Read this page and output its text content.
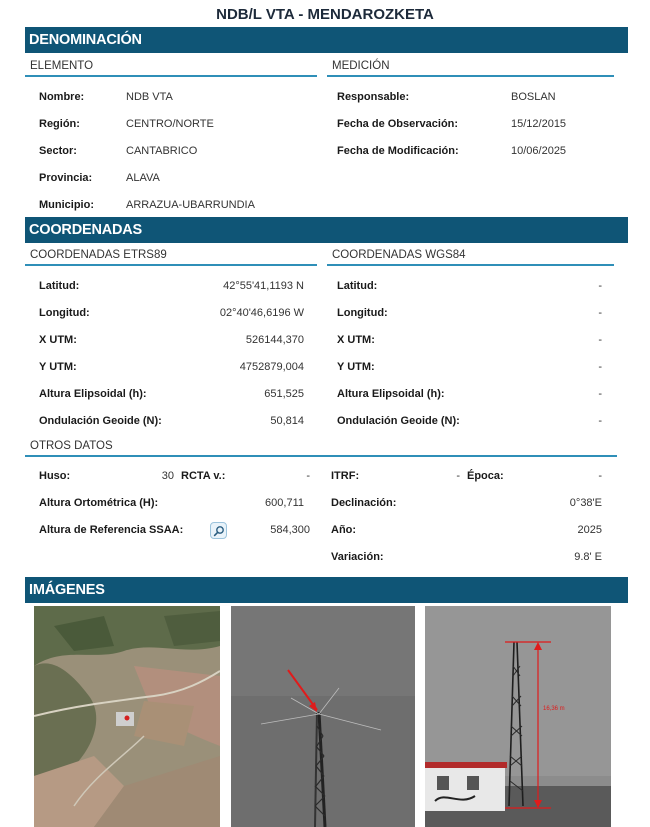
NDB/L VTA - MENDAROZKETA
DENOMINACIÓN
ELEMENTO	MEDICIÓN
Nombre:	NDB VTA
Región:	CENTRO/NORTE
Sector:	CANTABRICO
Provincia:	ALAVA
Municipio:	ARRAZUA-UBARRUNDIA
Responsable:	BOSLAN
Fecha de Observación:	15/12/2015
Fecha de Modificación:	10/06/2025
COORDENADAS
COORDENADAS ETRS89	COORDENADAS WGS84
Latitud:	42°55'41,1193 N
Longitud:	02°40'46,6196 W
X UTM:	526144,370
Y UTM:	4752879,004
Altura Elipsoidal (h):	651,525
Ondulación Geoide (N):	50,814
Latitud:	-
Longitud:	-
X UTM:	-
Y UTM:	-
Altura Elipsoidal (h):	-
Ondulación Geoide (N):	-
OTROS DATOS
Huso:	30 RCTA v.:	- ITRF:	- Época:	-
Altura Ortométrica (H):	600,711 Declinación:	0°38'E
Altura de Referencia SSAA:	584,300 Año:	2025
Variación:	9.8' E
IMÁGENES
16,36 m
